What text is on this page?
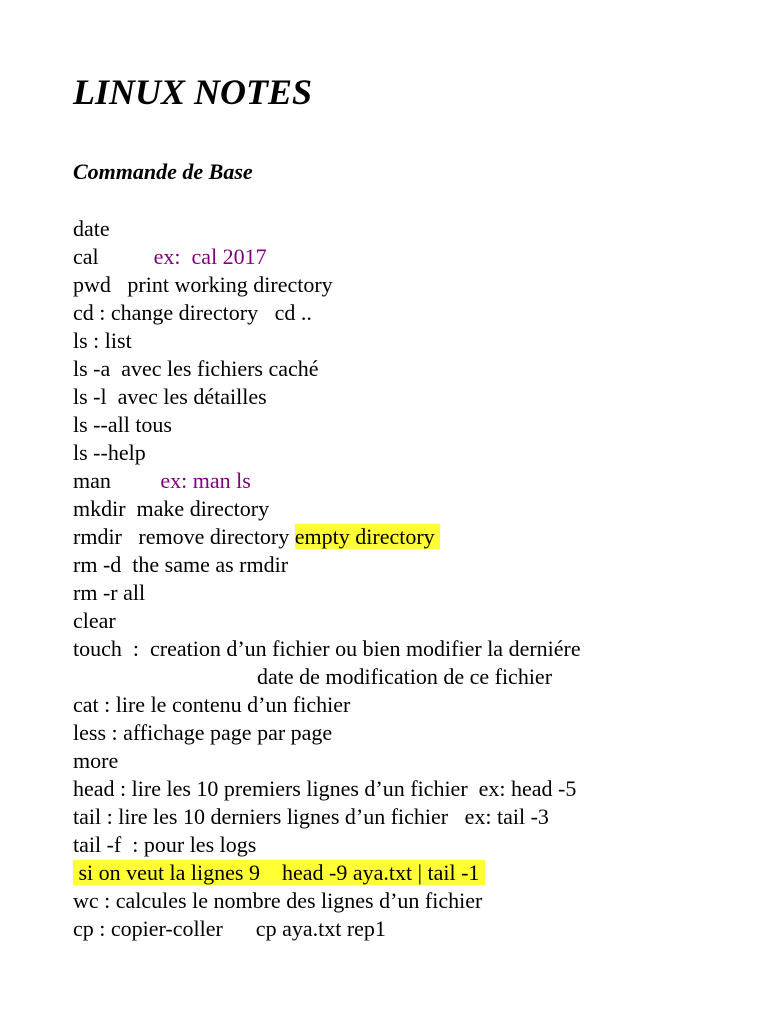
LINUX NOTES
Commande de Base
date
cal          ex:  cal 2017
pwd   print working directory
cd : change directory   cd ..
ls : list
ls -a  avec les fichiers caché
ls -l  avec les détailles
ls --all tous
ls --help
man         ex: man ls
mkdir  make directory
rmdir   remove directory empty directory
rm -d  the same as rmdir
rm -r all
clear
touch  :  creation d’un fichier ou bien modifier la derniére
date de modification de ce fichier
cat : lire le contenu d’un fichier
less : affichage page par page
more
head : lire les 10 premiers lignes d’un fichier  ex: head -5
tail : lire les 10 derniers lignes d’un fichier   ex: tail -3
tail -f  : pour les logs
si on veut la lignes 9    head -9 aya.txt | tail -1
wc : calcules le nombre des lignes d’un fichier
cp : copier-coller      cp aya.txt rep1
